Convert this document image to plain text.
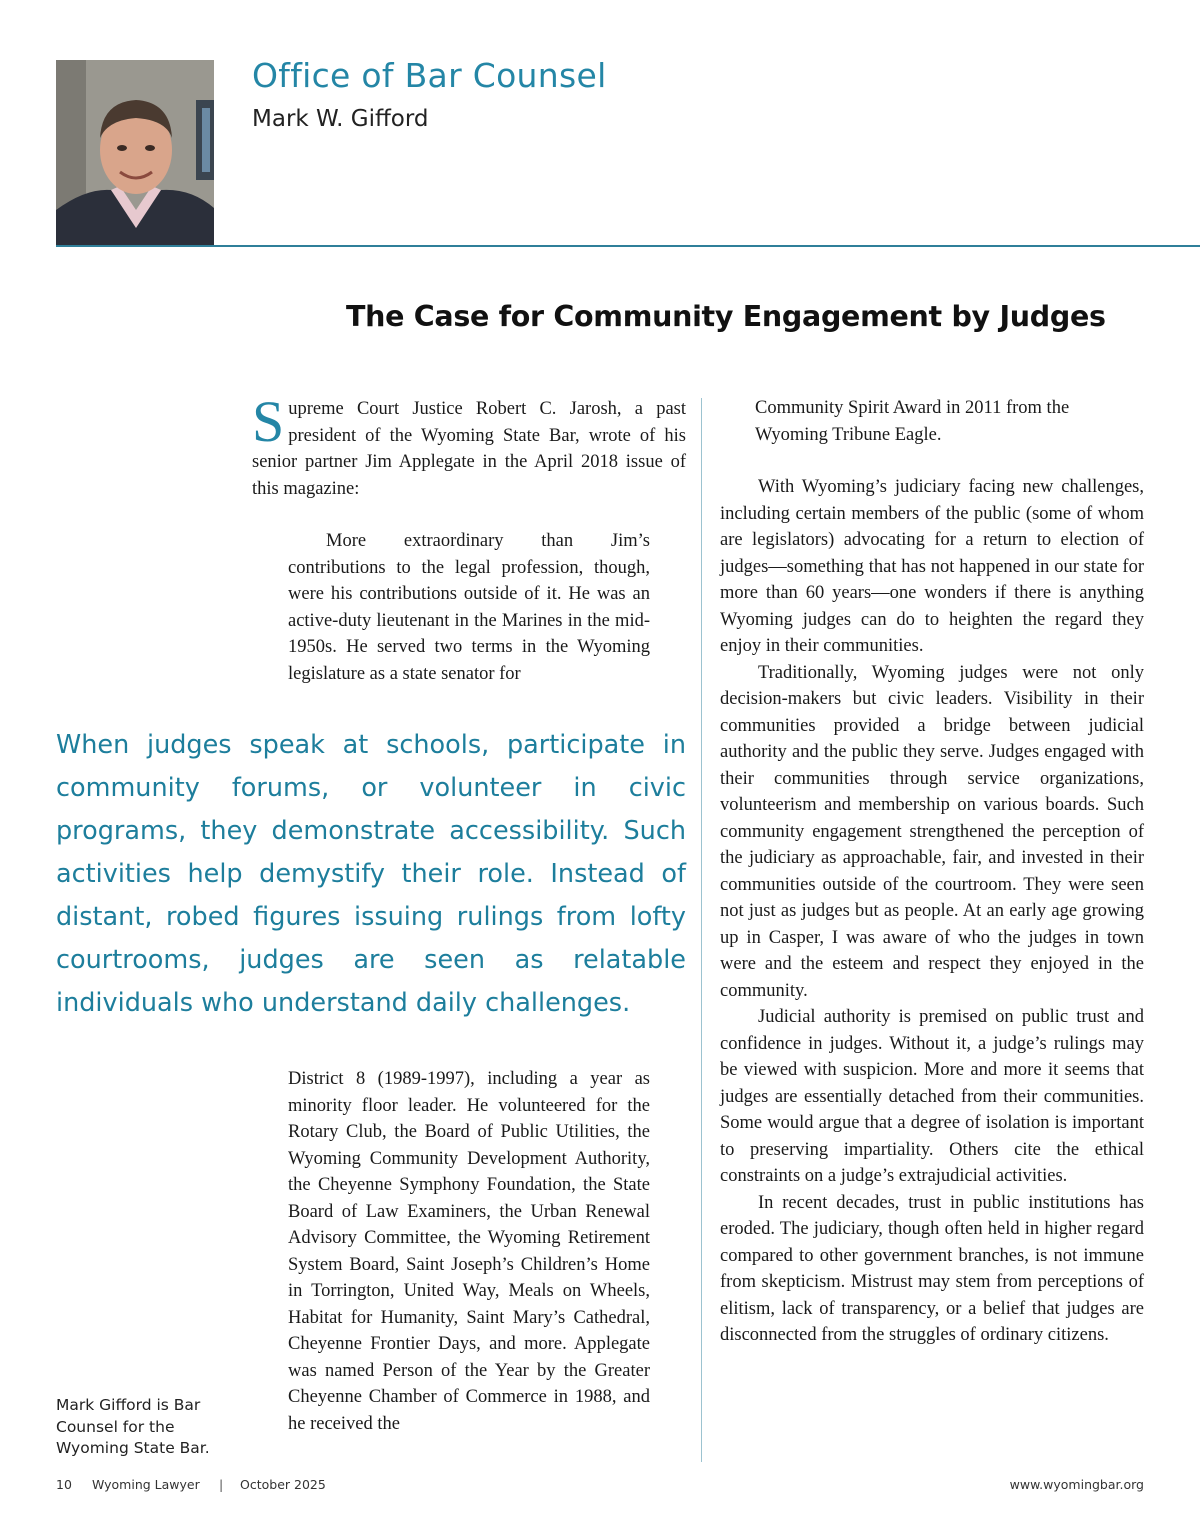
Office of Bar Counsel
Mark W. Gifford
The Case for Community Engagement by Judges
Supreme Court Justice Robert C. Jarosh, a past president of the Wyoming State Bar, wrote of his senior partner Jim Applegate in the April 2018 issue of this magazine:

More extraordinary than Jim’s contributions to the legal profession, though, were his contributions outside of it. He was an active-duty lieutenant in the Marines in the mid-1950s. He served two terms in the Wyoming legislature as a state senator for

When judges speak at schools, participate in community forums, or volunteer in civic programs, they demonstrate accessibility. Such activities help demystify their role. Instead of distant, robed figures issuing rulings from lofty courtrooms, judges are seen as relatable individuals who understand daily challenges.

District 8 (1989-1997), including a year as minority floor leader. He volunteered for the Rotary Club, the Board of Public Utilities, the Wyoming Community Development Authority, the Cheyenne Symphony Foundation, the State Board of Law Examiners, the Urban Renewal Advisory Committee, the Wyoming Retirement System Board, Saint Joseph’s Children’s Home in Torrington, United Way, Meals on Wheels, Habitat for Humanity, Saint Mary’s Cathedral, Cheyenne Frontier Days, and more. Applegate was named Person of the Year by the Greater Cheyenne Chamber of Commerce in 1988, and he received the

Mark Gifford is Bar Counsel for the Wyoming State Bar.

Community Spirit Award in 2011 from the Wyoming Tribune Eagle.

With Wyoming’s judiciary facing new challenges, including certain members of the public (some of whom are legislators) advocating for a return to election of judges—something that has not happened in our state for more than 60 years—one wonders if there is anything Wyoming judges can do to heighten the regard they enjoy in their communities.

Traditionally, Wyoming judges were not only decision-makers but civic leaders. Visibility in their communities provided a bridge between judicial authority and the public they serve. Judges engaged with their communities through service organizations, volunteerism and membership on various boards. Such community engagement strengthened the perception of the judiciary as approachable, fair, and invested in their communities outside of the courtroom. They were seen not just as judges but as people. At an early age growing up in Casper, I was aware of who the judges in town were and the esteem and respect they enjoyed in the community.

Judicial authority is premised on public trust and confidence in judges. Without it, a judge’s rulings may be viewed with suspicion. More and more it seems that judges are essentially detached from their communities. Some would argue that a degree of isolation is important to preserving impartiality. Others cite the ethical constraints on a judge’s extrajudicial activities.

In recent decades, trust in public institutions has eroded. The judiciary, though often held in higher regard compared to other government branches, is not immune from skepticism. Mistrust may stem from perceptions of elitism, lack of transparency, or a belief that judges are disconnected from the struggles of ordinary citizens.

10 Wyoming Lawyer | October 2025	www.wyomingbar.org
